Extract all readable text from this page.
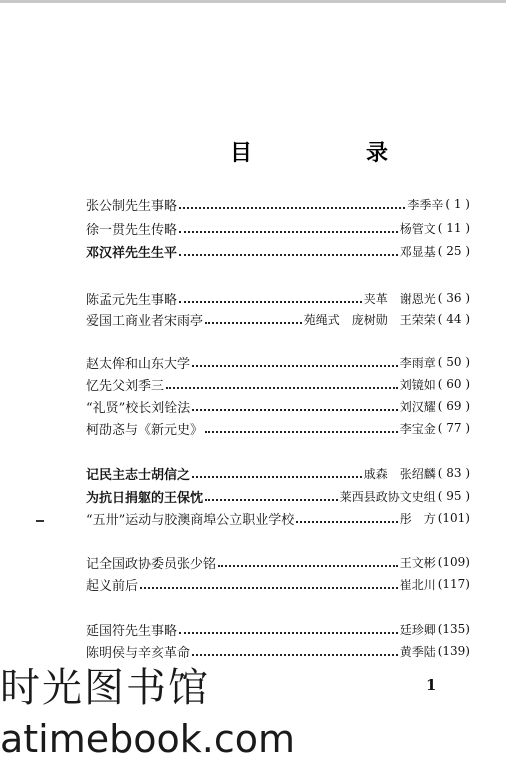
目　录
张公制先生事略	李季辛 ( 1 )
徐一贯先生传略	杨管文 ( 11 )
邓汉祥先生生平	邓显基 ( 25 )
陈孟元先生事略	夹革　谢恩光 ( 36 )
爱国工商业者宋雨亭	苑绳式　庞树勋　王荣荣 ( 44 )
赵太侔和山东大学	李雨章 ( 50 )
忆先父刘季三	刘镜如 ( 60 )
“礼贤”校长刘铨法	刘汉耀 ( 69 )
柯劭忞与《新元史》	李宝金 ( 77 )
记民主志士胡信之	戚森　张绍麟 ( 83 )
为抗日捐躯的王保忱	莱西县政协文史组 ( 95 )
“五卅”运动与胶澳商埠公立职业学校	彤　方 (101)
记全国政协委员张少铭	王文彬 (109)
起义前后	崔北川 (117)
延国符先生事略	廷珍卿 (135)
陈明侯与辛亥革命	黄季陆 (139)
1
时光图书馆
atimebook.com
